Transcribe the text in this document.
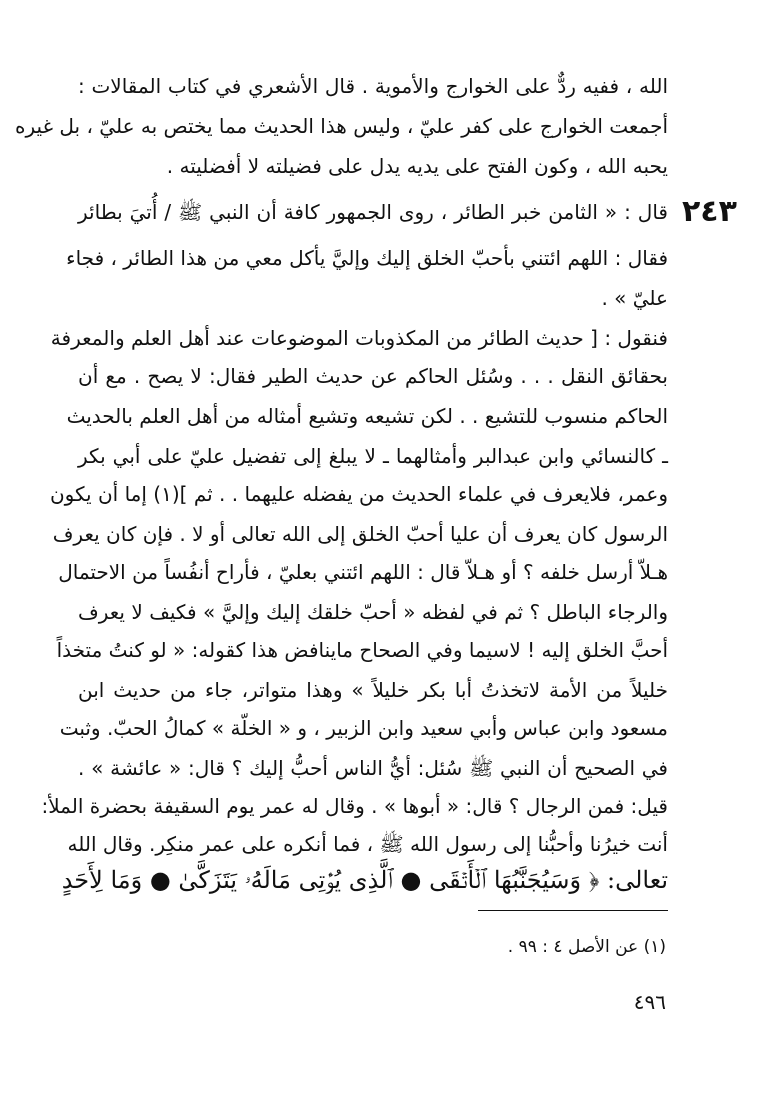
٢٤٣
الله ، ففيه ردٌّ على الخوارج والأموية . قال الأشعري في كتاب المقالات :
أجمعت الخوارج على كفر عليّ ، وليس هذا الحديث مما يختص به عليّ ، بل غيره
يحبه الله ، وكون الفتح على يديه يدل على فضيلته لا أفضليته .
قال : « الثامن خبر الطائر ، روى الجمهور كافة أن النبي ﷺ / أُتيَ بطائر
فقال : اللهم ائتني بأحبّ الخلق إليك وإليَّ يأكل معي من هذا الطائر ، فجاء
عليّ » .
فنقول : [ حديث الطائر من المكذوبات الموضوعات عند أهل العلم والمعرفة
بحقائق النقل . . . وسُئل الحاكم عن حديث الطير فقال: لا يصح . مع أن
الحاكم منسوب للتشيع . . لكن تشيعه وتشيع أمثاله من أهل العلم بالحديث
ـ كالنسائي وابن عبدالبر وأمثالهما ـ لا يبلغ إلى تفضيل عليّ على أبي بكر
وعمر، فلايعرف في علماء الحديث من يفضله عليهما . . ثم ](١) إما أن يكون
الرسول كان يعرف أن عليا أحبّ الخلق إلى الله تعالى أو لا . فإن كان يعرف
هـلاّ أرسل خلفه ؟ أو هـلاّ قال : اللهم ائتني بعليّ ، فأراح أنفُساً من الاحتمال
والرجاء الباطل ؟ ثم في لفظه « أحبّ خلقك إليك وإليَّ » فكيف لا يعرف
أحبَّ الخلق إليه ! لاسيما وفي الصحاح ماينافض هذا كقوله: « لو كنتُ متخذاً
خليلاً من الأمة لاتخذتُ أبا بكر خليلاً » وهذا متواتر، جاء من حديث ابن
مسعود وابن عباس وأبي سعيد وابن الزبير ، و « الخلّة » كمالُ الحبّ. وثبت
في الصحيح أن النبي ﷺ سُئل: أيُّ الناس أحبُّ إليك ؟ قال: « عائشة » .
قيل: فمن الرجال ؟ قال: « أبوها » . وقال له عمر يوم السقيفة بحضرة الملأ:
أنت خيرُنا وأحبُّنا إلى رسول الله ﷺ ، فما أنكره على عمر منكِر. وقال الله
تعالى: ﴿ وَسَيُجَنَّبُهَا ٱلۡأَتۡقَى ● ٱلَّذِى يُؤۡتِى مَالَهُۥ يَتَزَكَّىٰ ● وَمَا لِأَحَدٍ
(١) عن الأصل ٤ : ٩٩ .
٤٩٦
